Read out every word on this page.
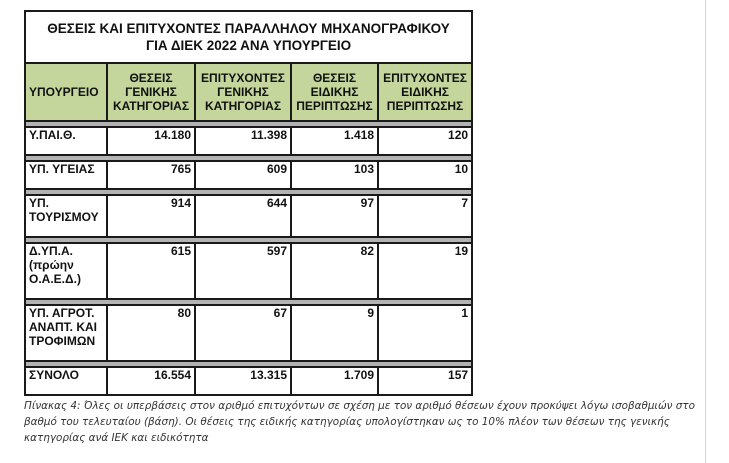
ΘΕΣΕΙΣ ΚΑΙ ΕΠΙΤΥΧΟΝΤΕΣ ΠΑΡΑΛΛΗΛΟΥ ΜΗΧΑΝΟΓΡΑΦΙΚΟΥ
ΓΙΑ ΔΙΕΚ 2022 ΑΝΑ ΥΠΟΥΡΓΕΙΟ				
ΥΠΟΥΡΓΕΙΟ	ΘΕΣΕΙΣ ΓΕΝΙΚΗΣ ΚΑΤΗΓΟΡΙΑΣ	ΕΠΙΤΥΧΟΝΤΕΣ ΓΕΝΙΚΗΣ ΚΑΤΗΓΟΡΙΑΣ	ΘΕΣΕΙΣ ΕΙΔΙΚΗΣ ΠΕΡΙΠΤΩΣΗΣ	ΕΠΙΤΥΧΟΝΤΕΣ ΕΙΔΙΚΗΣ ΠΕΡΙΠΤΩΣΗΣ

Υ.ΠΑΙ.Θ.	14.180	11.398	1.418	120

ΥΠ. ΥΓΕΙΑΣ	765	609	103	10

ΥΠ. ΤΟΥΡΙΣΜΟΥ	914	644	97	7

Δ.ΥΠ.Α. (πρώην Ο.Α.Ε.Δ.)	615	597	82	19

ΥΠ. ΑΓΡΟΤ. ΑΝΑΠΤ. ΚΑΙ ΤΡΟΦΙΜΩΝ	80	67	9	1

ΣΥΝΟΛΟ	16.554	13.315	1.709	157
Πίνακας 4: Όλες οι υπερβάσεις στον αριθμό επιτυχόντων σε σχέση με τον αριθμό θέσεων έχουν προκύψει λόγω ισοβαθμιών στο βαθμό του τελευταίου (βάση). Οι θέσεις της ειδικής κατηγορίας υπολογίστηκαν ως το 10% πλέον των θέσεων της γενικής κατηγορίας ανά ΙΕΚ και ειδικότητα
